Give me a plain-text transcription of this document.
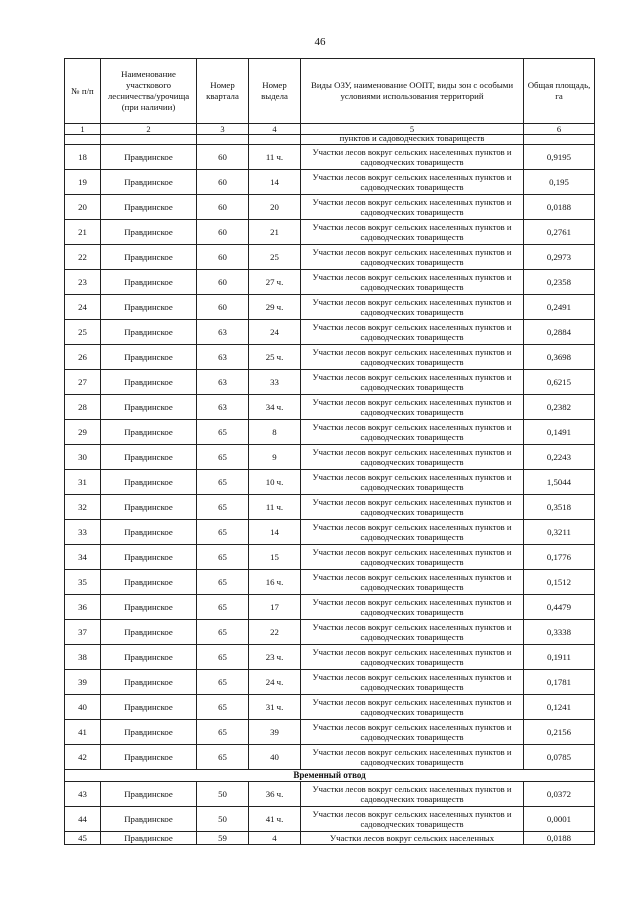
46
№ п/п	Наименование участкового лесничества/урочища (при наличии)	Номер квартала	Номер выдела	Виды ОЗУ, наименование ООПТ, виды зон с особыми условиями использования территорий	Общая площадь, га
1	2	3	4	5	6

				пунктов и садоводческих товариществ	

18	Правдинское	60	11 ч.	Участки лесов вокруг сельских населенных пунктов и садоводческих товариществ	0,9195
19	Правдинское	60	14	Участки лесов вокруг сельских населенных пунктов и садоводческих товариществ	0,195
20	Правдинское	60	20	Участки лесов вокруг сельских населенных пунктов и садоводческих товариществ	0,0188
21	Правдинское	60	21	Участки лесов вокруг сельских населенных пунктов и садоводческих товариществ	0,2761
22	Правдинское	60	25	Участки лесов вокруг сельских населенных пунктов и садоводческих товариществ	0,2973
23	Правдинское	60	27 ч.	Участки лесов вокруг сельских населенных пунктов и садоводческих товариществ	0,2358
24	Правдинское	60	29 ч.	Участки лесов вокруг сельских населенных пунктов и садоводческих товариществ	0,2491
25	Правдинское	63	24	Участки лесов вокруг сельских населенных пунктов и садоводческих товариществ	0,2884
26	Правдинское	63	25 ч.	Участки лесов вокруг сельских населенных пунктов и садоводческих товариществ	0,3698
27	Правдинское	63	33	Участки лесов вокруг сельских населенных пунктов и садоводческих товариществ	0,6215
28	Правдинское	63	34 ч.	Участки лесов вокруг сельских населенных пунктов и садоводческих товариществ	0,2382
29	Правдинское	65	8	Участки лесов вокруг сельских населенных пунктов и садоводческих товариществ	0,1491
30	Правдинское	65	9	Участки лесов вокруг сельских населенных пунктов и садоводческих товариществ	0,2243
31	Правдинское	65	10 ч.	Участки лесов вокруг сельских населенных пунктов и садоводческих товариществ	1,5044
32	Правдинское	65	11 ч.	Участки лесов вокруг сельских населенных пунктов и садоводческих товариществ	0,3518
33	Правдинское	65	14	Участки лесов вокруг сельских населенных пунктов и садоводческих товариществ	0,3211
34	Правдинское	65	15	Участки лесов вокруг сельских населенных пунктов и садоводческих товариществ	0,1776
35	Правдинское	65	16 ч.	Участки лесов вокруг сельских населенных пунктов и садоводческих товариществ	0,1512
36	Правдинское	65	17	Участки лесов вокруг сельских населенных пунктов и садоводческих товариществ	0,4479
37	Правдинское	65	22	Участки лесов вокруг сельских населенных пунктов и садоводческих товариществ	0,3338
38	Правдинское	65	23 ч.	Участки лесов вокруг сельских населенных пунктов и садоводческих товариществ	0,1911
39	Правдинское	65	24 ч.	Участки лесов вокруг сельских населенных пунктов и садоводческих товариществ	0,1781
40	Правдинское	65	31 ч.	Участки лесов вокруг сельских населенных пунктов и садоводческих товариществ	0,1241
41	Правдинское	65	39	Участки лесов вокруг сельских населенных пунктов и садоводческих товариществ	0,2156
42	Правдинское	65	40	Участки лесов вокруг сельских населенных пунктов и садоводческих товариществ	0,0785
Временный отвод					
43	Правдинское	50	36 ч.	Участки лесов вокруг сельских населенных пунктов и садоводческих товариществ	0,0372
44	Правдинское	50	41 ч.	Участки лесов вокруг сельских населенных пунктов и садоводческих товариществ	0,0001
45	Правдинское	59	4	Участки лесов вокруг сельских населенных	0,0188
